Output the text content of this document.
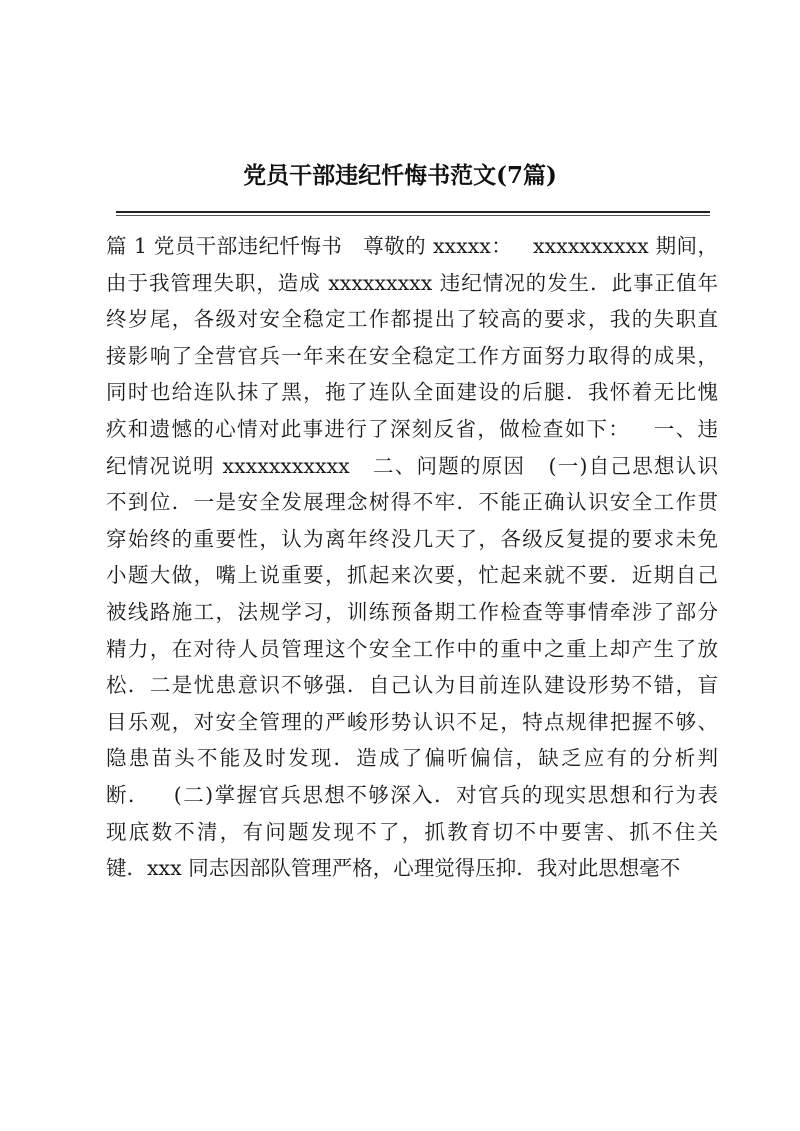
党员干部违纪忏悔书范文(7篇)
篇 1 党员干部违纪忏悔书   尊敬的 xxxxx：   xxxxxxxxxx 期间，
由于我管理失职，造成 xxxxxxxxx 违纪情况的发生．此事正值年
终岁尾，各级对安全稳定工作都提出了较高的要求，我的失职直
接影响了全营官兵一年来在安全稳定工作方面努力取得的成果，
同时也给连队抹了黑，拖了连队全面建设的后腿．我怀着无比愧
疚和遗憾的心情对此事进行了深刻反省，做检查如下：   一、违
纪情况说明 xxxxxxxxxxx   二、问题的原因   (一)自己思想认识
不到位．一是安全发展理念树得不牢．不能正确认识安全工作贯
穿始终的重要性，认为离年终没几天了，各级反复提的要求未免
小题大做，嘴上说重要，抓起来次要，忙起来就不要．近期自己
被线路施工，法规学习，训练预备期工作检查等事情牵涉了部分
精力，在对待人员管理这个安全工作中的重中之重上却产生了放
松．二是忧患意识不够强．自己认为目前连队建设形势不错，盲
目乐观，对安全管理的严峻形势认识不足，特点规律把握不够、
隐患苗头不能及时发现．造成了偏听偏信，缺乏应有的分析判
断．   (二)掌握官兵思想不够深入．对官兵的现实思想和行为表
现底数不清，有问题发现不了，抓教育切不中要害、抓不住关
键．xxx 同志因部队管理严格，心理觉得压抑．我对此思想毫不
